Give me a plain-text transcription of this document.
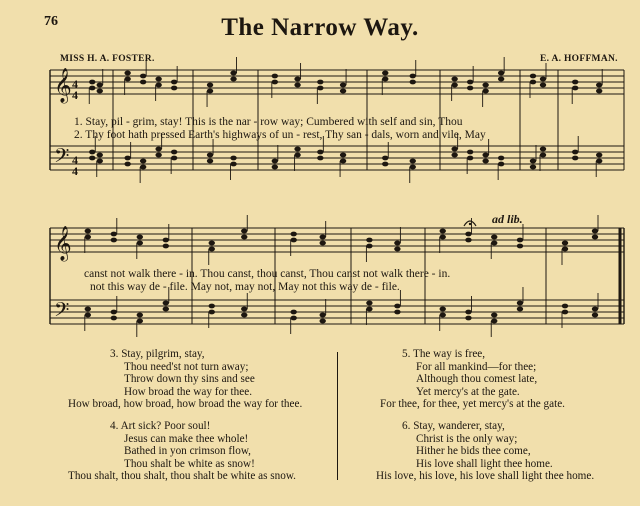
76	The Narrow Way.
MISS H. A. FOSTER.	E. A. HOFFMAN.
𝄞
𝄢
4
4
4
4
𝄞
𝄢
1. Stay, pil - grim, stay! This is the nar - row way; Cumbered with self and sin, Thou
2. Thy foot hath pressed Earth's highways of un - rest, Thy san - dals, worn and vile, May
ad lib.
canst not walk there - in. Thou canst, thou canst, Thou canst not walk there - in.
not this way de - file. May not, may not, May not this way de - file.
3. Stay, pilgrim, stay,
Thou need'st not turn away;
Throw down thy sins and see
How broad the way for thee.
How broad, how broad, how broad the way for thee.
4. Art sick? Poor soul!
Jesus can make thee whole!
Bathed in yon crimson flow,
Thou shalt be white as snow!
Thou shalt, thou shalt, thou shalt be white as snow.
5. The way is free,
For all mankind—for thee;
Although thou comest late,
Yet mercy's at the gate.
For thee, for thee, yet mercy's at the gate.
6. Stay, wanderer, stay,
Christ is the only way;
Hither he bids thee come,
His love shall light thee home.
His love, his love, his love shall light thee home.
